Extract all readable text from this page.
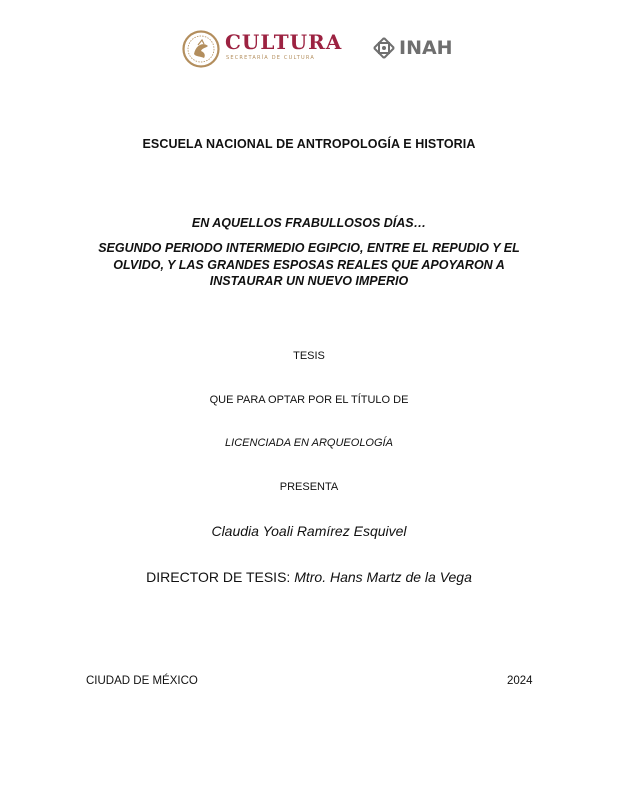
CULTURA
SECRETARÍA DE CULTURA	INAH
ESCUELA NACIONAL DE ANTROPOLOGÍA E HISTORIA
EN AQUELLOS FRABULLOSOS DÍAS…
SEGUNDO PERIODO INTERMEDIO EGIPCIO, ENTRE EL REPUDIO Y EL OLVIDO, Y LAS GRANDES ESPOSAS REALES QUE APOYARON A INSTAURAR UN NUEVO IMPERIO
TESIS
QUE PARA OPTAR POR EL TÍTULO DE
LICENCIADA EN ARQUEOLOGÍA
PRESENTA
Claudia Yoali Ramírez Esquivel
DIRECTOR DE TESIS: Mtro. Hans Martz de la Vega
CIUDAD DE MÉXICO	2024
